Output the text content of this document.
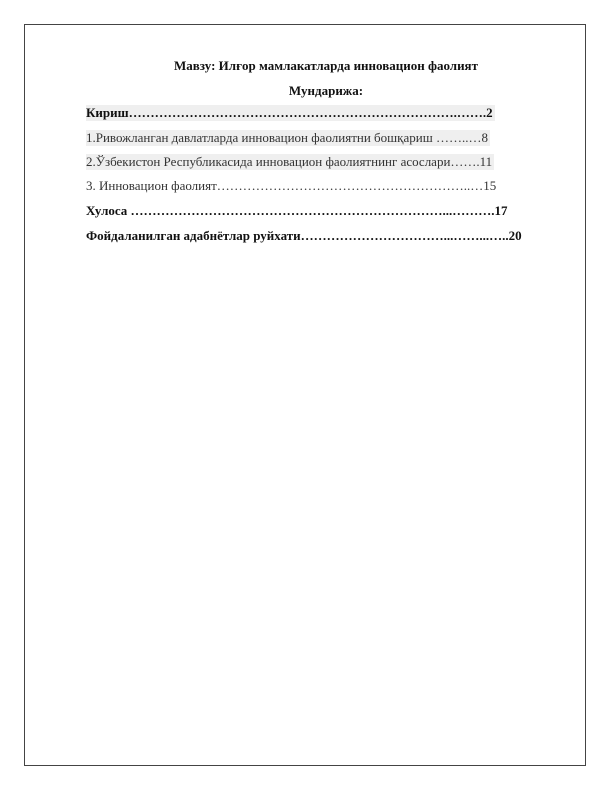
Мавзу: Илғор мамлакатларда инновацион фаолият
Мундарижа:
Кириш………………………………………………………………….…….2
1.Ривожланган давлатларда инновацион фаолиятни бошқариш ……..…8
2.Ўзбекистон Республикасида инновацион фаолиятнинг асослари…….11
3. Инновацион фаолият…………………………………………………..…15
Хулоса ………………………………………………………………...……….17
Фойдаланилган адабнётлар руйхати……………………………...……...…..20
